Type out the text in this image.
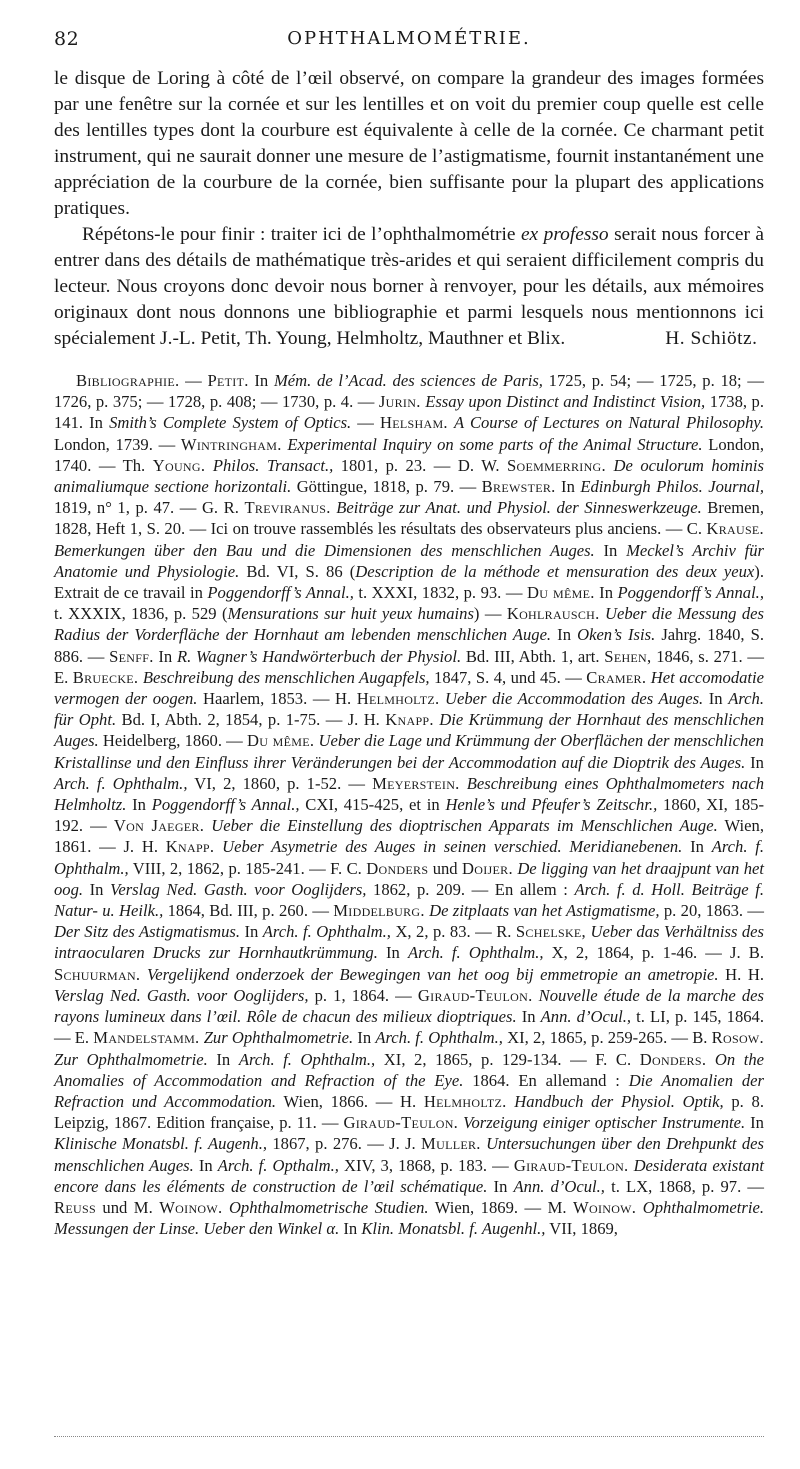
82	OPHTHALMOMÉTRIE.

le disque de Loring à côté de l’œil observé, on compare la grandeur des images formées par une fenêtre sur la cornée et sur les lentilles et on voit du premier coup quelle est celle des lentilles types dont la courbure est équivalente à celle de la cornée. Ce charmant petit instrument, qui ne saurait donner une mesure de l’astigmatisme, fournit instantanément une appréciation de la courbure de la cornée, bien suffisante pour la plupart des applications pratiques.

Répétons-le pour finir : traiter ici de l’ophthalmométrie ex professo serait nous forcer à entrer dans des détails de mathématique très-arides et qui seraient difficilement compris du lecteur. Nous croyons donc devoir nous borner à renvoyer, pour les détails, aux mémoires originaux dont nous donnons une bibliographie et parmi lesquels nous mentionnons ici spécialement J.-L. Petit, Th. Young, Helmholtz, Mauthner et Blix.	H. Schiötz.

Bibliographie. — Petit. In Mém. de l’Acad. des sciences de Paris, 1725, p. 54; — 1725, p. 18; — 1726, p. 375; — 1728, p. 408; — 1730, p. 4. — Jurin. Essay upon Distinct and Indistinct Vision, 1738, p. 141. In Smith’s Complete System of Optics. — Helsham. A Course of Lectures on Natural Philosophy. London, 1739. — Wintringham. Experimental Inquiry on some parts of the Animal Structure. London, 1740. — Th. Young. Philos. Transact., 1801, p. 23. — D. W. Soemmerring. De oculorum hominis animaliumque sectione horizontali. Göttingue, 1818, p. 79. — Brewster. In Edinburgh Philos. Journal, 1819, n° 1, p. 47. — G. R. Treviranus. Beiträge zur Anat. und Physiol. der Sinneswerkzeuge. Bremen, 1828, Heft 1, S. 20. — Ici on trouve rassemblés les résultats des observateurs plus anciens. — C. Krause. Bemerkungen über den Bau und die Dimensionen des menschlichen Auges. In Meckel’s Archiv für Anatomie und Physiologie. Bd. VI, S. 86 (Description de la méthode et mensuration des deux yeux). Extrait de ce travail in Poggendorff’s Annal., t. XXXI, 1832, p. 93. — Du même. In Poggendorff’s Annal., t. XXXIX, 1836, p. 529 (Mensurations sur huit yeux humains) — Kohlrausch. Ueber die Messung des Radius der Vorderfläche der Hornhaut am lebenden menschlichen Auge. In Oken’s Isis. Jahrg. 1840, S. 886. — Senff. In R. Wagner’s Handwörterbuch der Physiol. Bd. III, Abth. 1, art. Sehen, 1846, s. 271. — E. Bruecke. Beschreibung des menschlichen Augapfels, 1847, S. 4, und 45. — Cramer. Het accomodatie vermogen der oogen. Haarlem, 1853. — H. Helmholtz. Ueber die Accommodation des Auges. In Arch. für Opht. Bd. I, Abth. 2, 1854, p. 1-75. — J. H. Knapp. Die Krümmung der Hornhaut des menschlichen Auges. Heidelberg, 1860. — Du même. Ueber die Lage und Krümmung der Oberflächen der menschlichen Kristallinse und den Einfluss ihrer Veränderungen bei der Accommodation auf die Dioptrik des Auges. In Arch. f. Ophthalm., VI, 2, 1860, p. 1-52. — Meyerstein. Beschreibung eines Ophthalmometers nach Helmholtz. In Poggendorff’s Annal., CXI, 415-425, et in Henle’s und Pfeufer’s Zeitschr., 1860, XI, 185-192. — Von Jaeger. Ueber die Einstellung des dioptrischen Apparats im Menschlichen Auge. Wien, 1861. — J. H. Knapp. Ueber Asymetrie des Auges in seinen verschied. Meridianebenen. In Arch. f. Ophthalm., VIII, 2, 1862, p. 185-241. — F. C. Donders und Doijer. De ligging van het draajpunt van het oog. In Verslag Ned. Gasth. voor Ooglijders, 1862, p. 209. — En allem : Arch. f. d. Holl. Beiträge f. Natur- u. Heilk., 1864, Bd. III, p. 260. — Middelburg. De zitplaats van het Astigmatisme, p. 20, 1863. — Der Sitz des Astigmatismus. In Arch. f. Ophthalm., X, 2, p. 83. — R. Schelske, Ueber das Verhältniss des intraocularen Drucks zur Hornhautkrümmung. In Arch. f. Ophthalm., X, 2, 1864, p. 1-46. — J. B. Schuurman. Vergelijkend onderzoek der Bewegingen van het oog bij emmetropie an ametropie. H. H. Verslag Ned. Gasth. voor Ooglijders, p. 1, 1864. — Giraud-Teulon. Nouvelle étude de la marche des rayons lumineux dans l’œil. Rôle de chacun des milieux dioptriques. In Ann. d’Ocul., t. LI, p. 145, 1864. — E. Mandelstamm. Zur Ophthalmometrie. In Arch. f. Ophthalm., XI, 2, 1865, p. 259-265. — B. Rosow. Zur Ophthalmometrie. In Arch. f. Ophthalm., XI, 2, 1865, p. 129-134. — F. C. Donders. On the Anomalies of Accommodation and Refraction of the Eye. 1864. En allemand : Die Anomalien der Refraction und Accommodation. Wien, 1866. — H. Helmholtz. Handbuch der Physiol. Optik, p. 8. Leipzig, 1867. Edition française, p. 11. — Giraud-Teulon. Vorzeigung einiger optischer Instrumente. In Klinische Monatsbl. f. Augenh., 1867, p. 276. — J. J. Muller. Untersuchungen über den Drehpunkt des menschlichen Auges. In Arch. f. Opthalm., XIV, 3, 1868, p. 183. — Giraud-Teulon. Desiderata existant encore dans les éléments de construction de l’œil schématique. In Ann. d’Ocul., t. LX, 1868, p. 97. — Reuss und M. Woinow. Ophthalmometrische Studien. Wien, 1869. — M. Woinow. Ophthalmometrie. Messungen der Linse. Ueber den Winkel α. In Klin. Monatsbl. f. Augenhl., VII, 1869,
